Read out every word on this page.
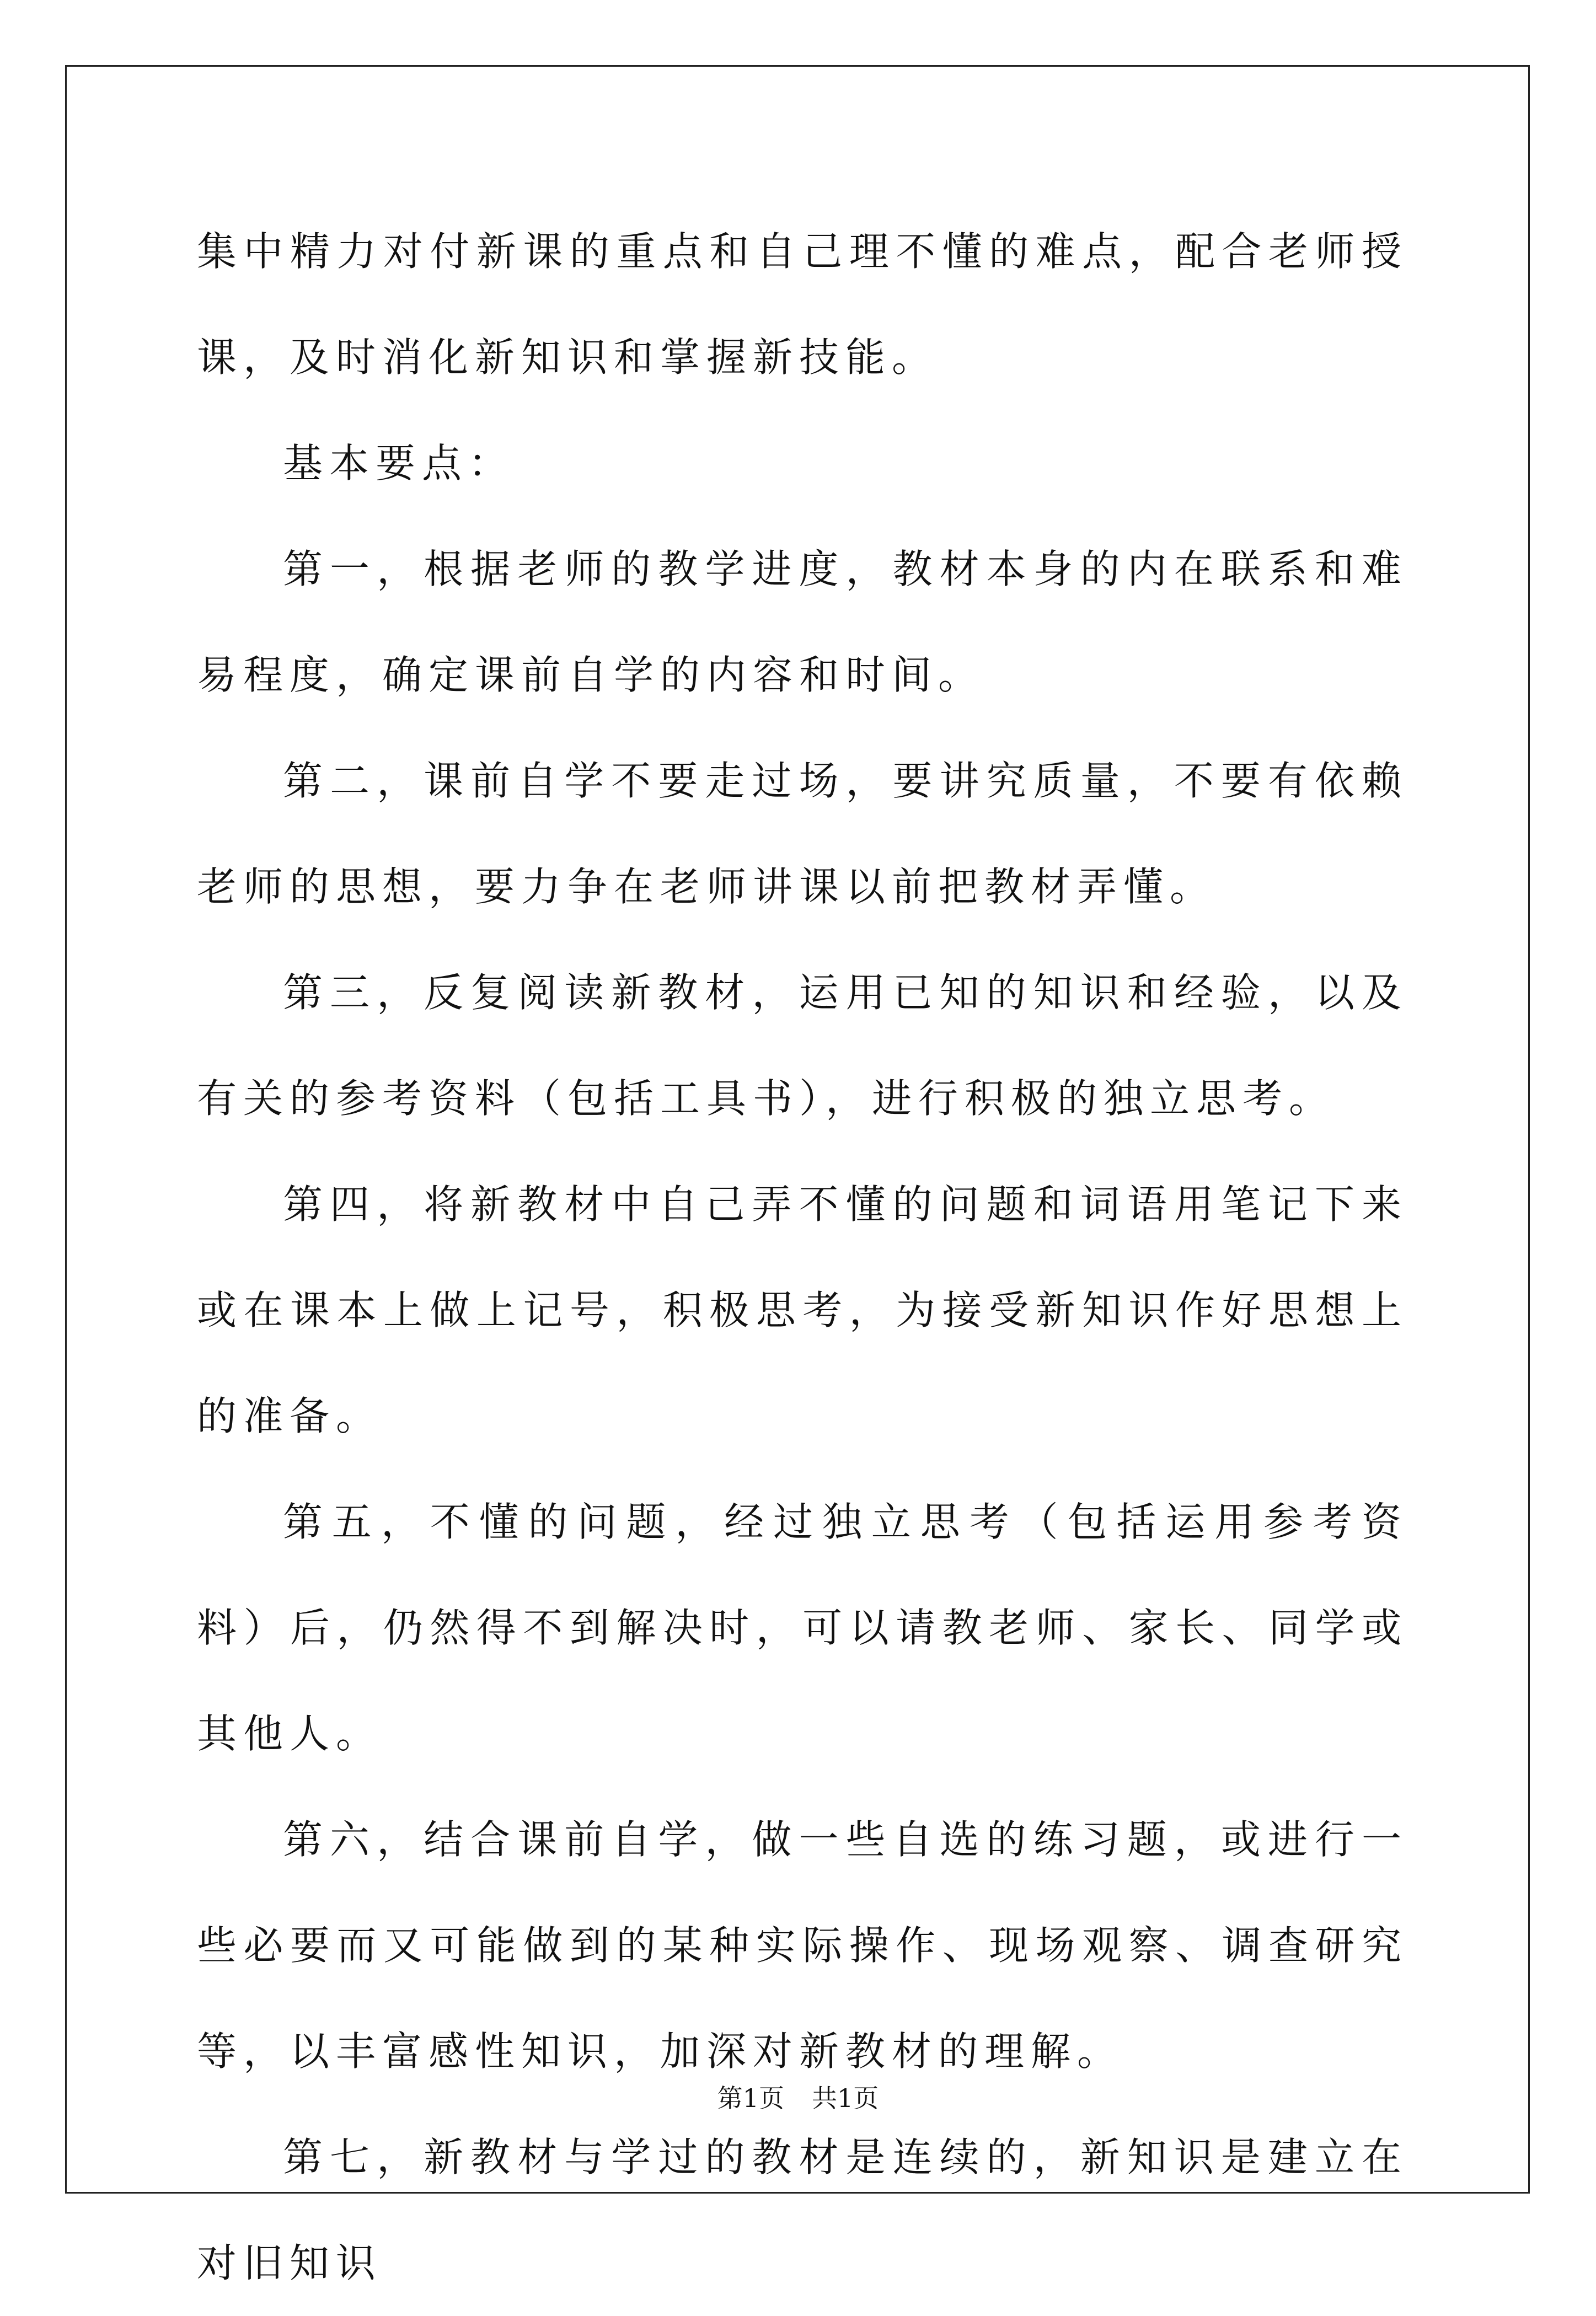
集中精力对付新课的重点和自己理不懂的难点，配合老师授课，及时消化新知识和掌握新技能。

基本要点：

第一，根据老师的教学进度，教材本身的内在联系和难易程度，确定课前自学的内容和时间。

第二，课前自学不要走过场，要讲究质量，不要有依赖老师的思想，要力争在老师讲课以前把教材弄懂。

第三，反复阅读新教材，运用已知的知识和经验，以及有关的参考资料（包括工具书），进行积极的独立思考。

第四，将新教材中自己弄不懂的问题和词语用笔记下来或在课本上做上记号，积极思考，为接受新知识作好思想上的准备。

第五，不懂的问题，经过独立思考（包括运用参考资料）后，仍然得不到解决时，可以请教老师、家长、同学或其他人。

第六，结合课前自学，做一些自选的练习题，或进行一些必要而又可能做到的某种实际操作、现场观察、调查研究等，以丰富感性知识，加深对新教材的理解。

第七，新教材与学过的教材是连续的，新知识是建立在对旧知识

第1页 共1页
